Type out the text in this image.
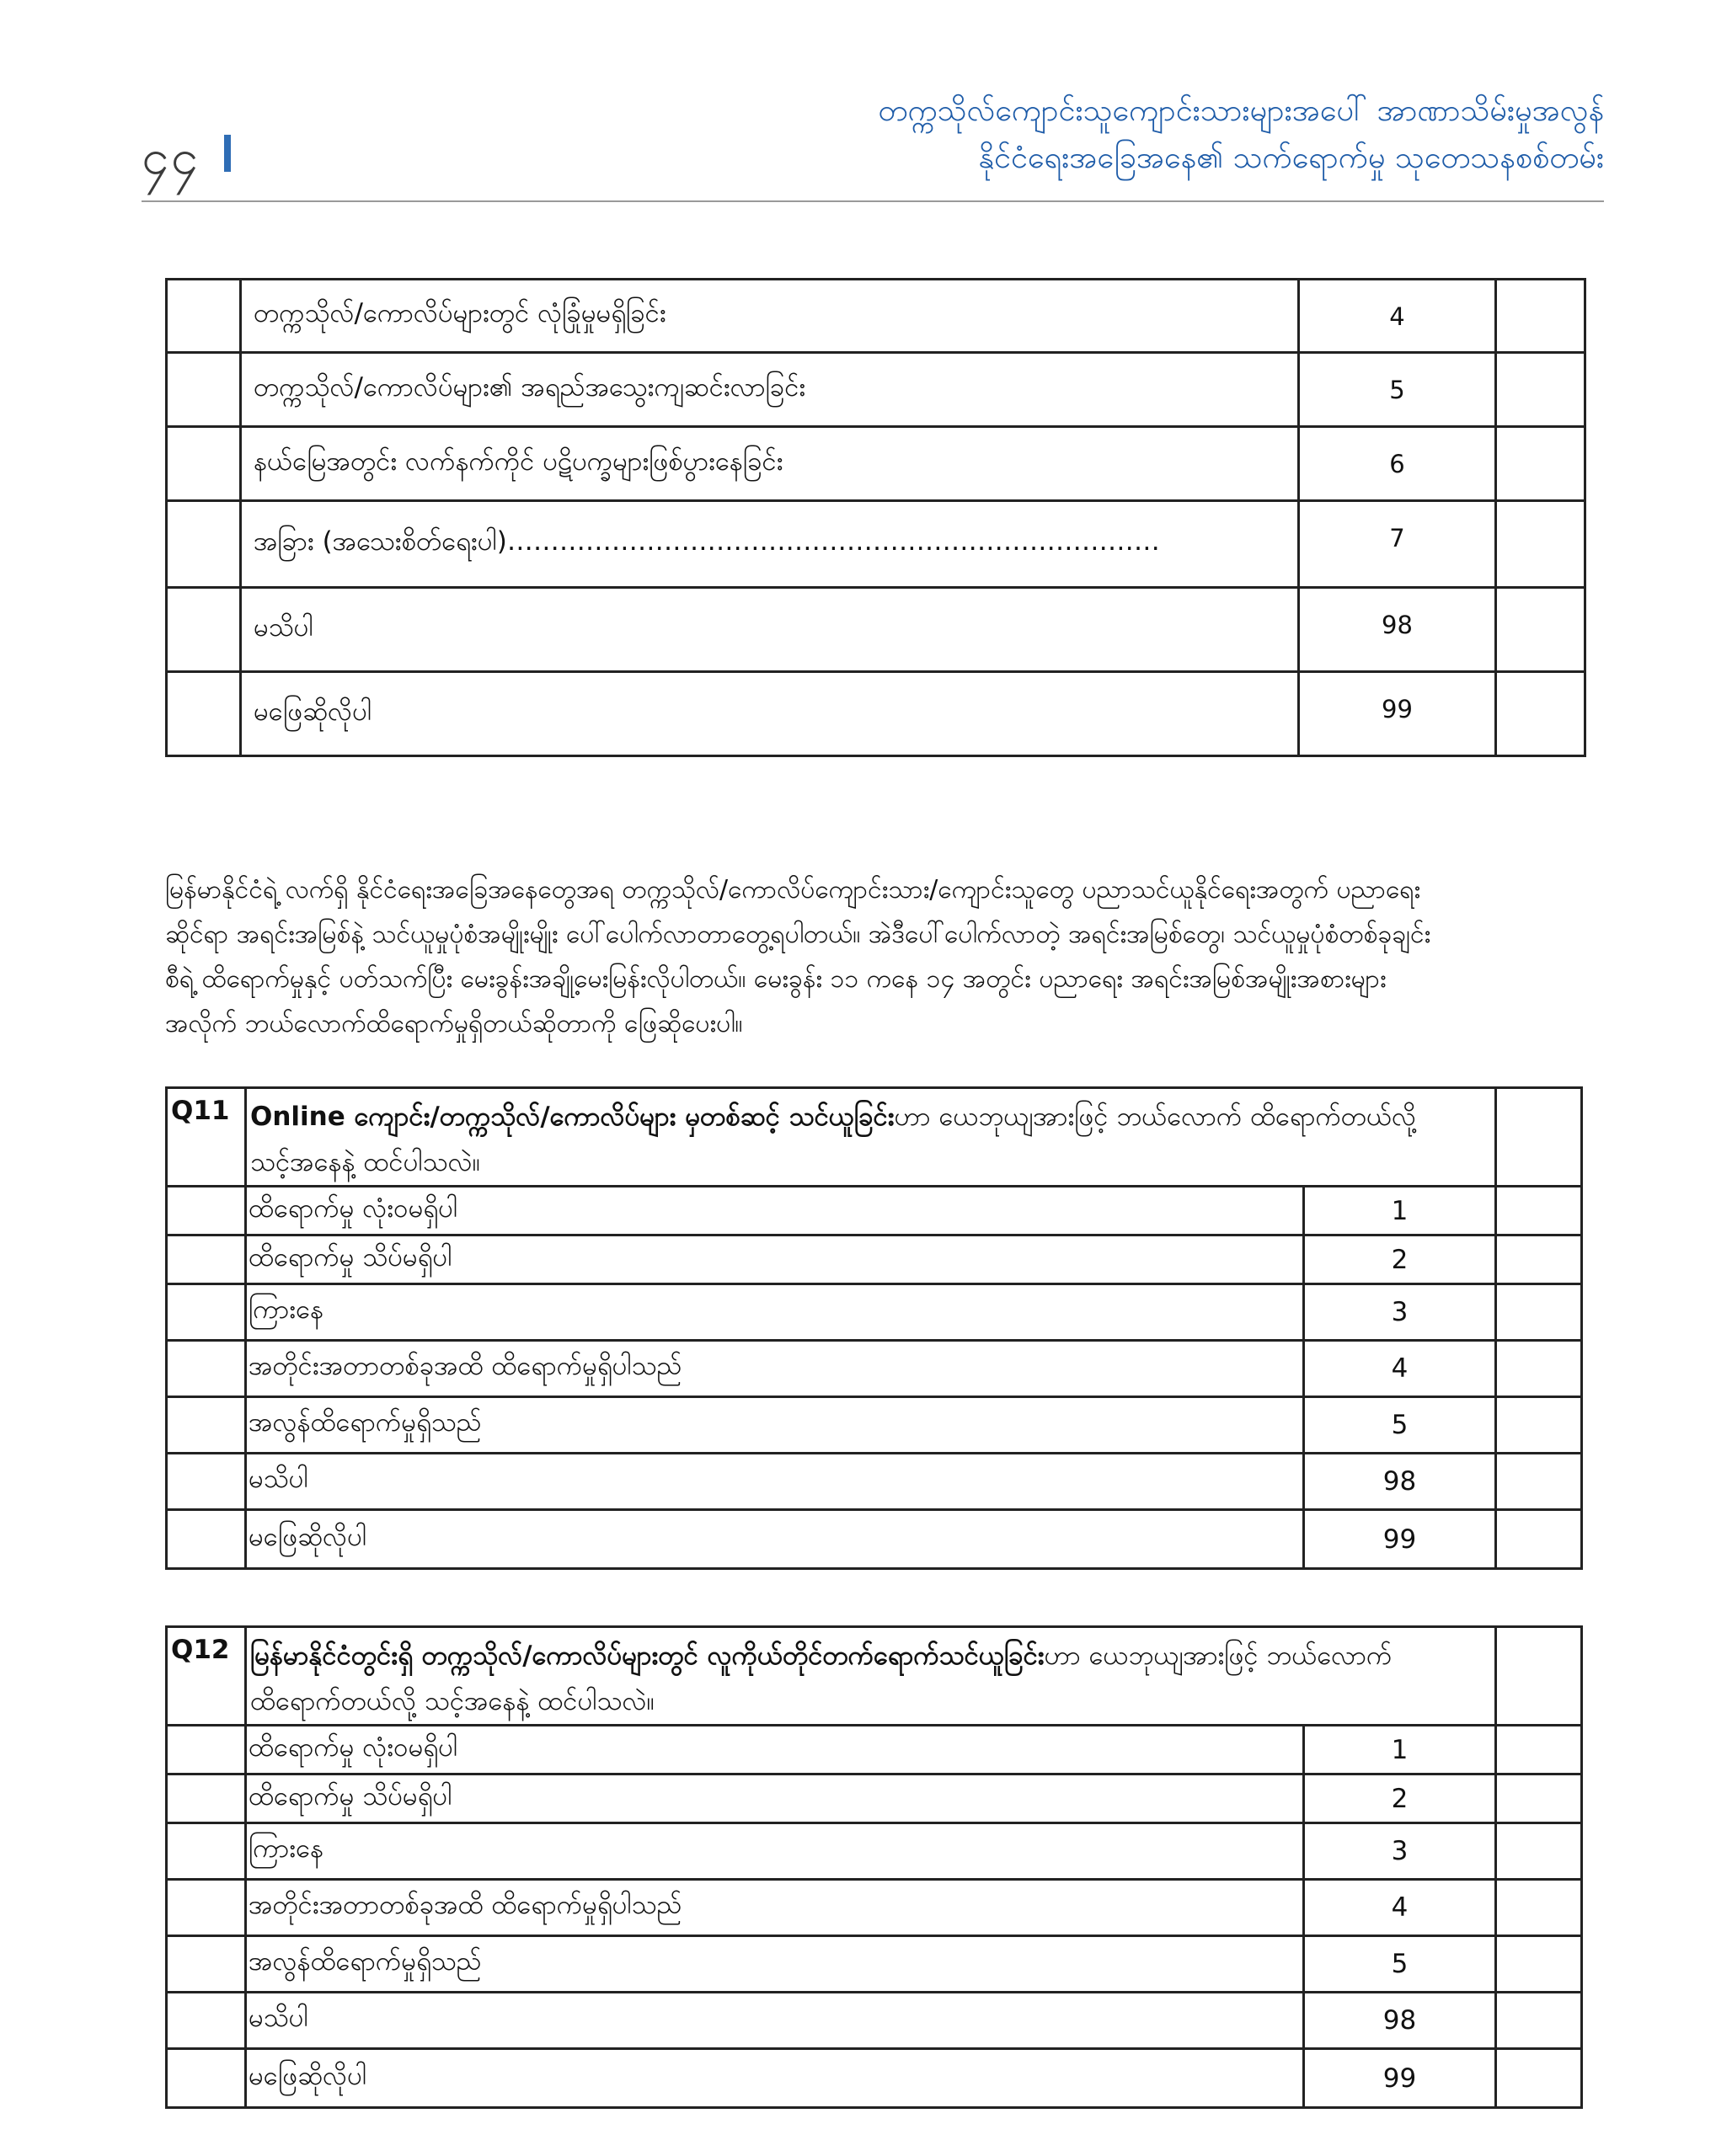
၄၄
တက္ကသိုလ်ကျောင်းသူကျောင်းသားများအပေါ် အာဏာသိမ်းမှုအလွန်
နိုင်ငံရေးအခြေအနေ၏ သက်ရောက်မှု သုတေသနစစ်တမ်း
	တက္ကသိုလ်/ကောလိပ်များတွင် လုံခြုံမှုမရှိခြင်း	4	
	တက္ကသိုလ်/ကောလိပ်များ၏ အရည်အသွေးကျဆင်းလာခြင်း	5	
	နယ်မြေအတွင်း လက်နက်ကိုင် ပဋိပက္ခများဖြစ်ပွားနေခြင်း	6	
	အခြား (အသေးစိတ်ရေးပါ)…………………………………………………………………	7	
	မသိပါ	98	
	မဖြေဆိုလိုပါ	99	
မြန်မာနိုင်ငံရဲ့ လက်ရှိ နိုင်ငံရေးအခြေအနေတွေအရ တက္ကသိုလ်/ကောလိပ်ကျောင်းသား/ကျောင်းသူတွေ ပညာသင်ယူနိုင်ရေးအတွက် ပညာရေး
ဆိုင်ရာ အရင်းအမြစ်နဲ့ သင်ယူမှုပုံစံအမျိုးမျိုး ပေါ်ပေါက်လာတာတွေ့ရပါတယ်။ အဲဒီပေါ်ပေါက်လာတဲ့ အရင်းအမြစ်တွေ၊ သင်ယူမှုပုံစံတစ်ခုချင်း
စီရဲ့ ထိရောက်မှုနှင့် ပတ်သက်ပြီး မေးခွန်းအချို့မေးမြန်းလိုပါတယ်။ မေးခွန်း ၁၁ ကနေ ၁၄ အတွင်း ပညာရေး အရင်းအမြစ်အမျိုးအစားများ
အလိုက် ဘယ်လောက်ထိရောက်မှုရှိတယ်ဆိုတာကို ဖြေဆိုပေးပါ။
Q11	Online ကျောင်း/တက္ကသိုလ်/ကောလိပ်များ မှတစ်ဆင့် သင်ယူခြင်းဟာ ယေဘုယျအားဖြင့် ဘယ်လောက် ထိရောက်တယ်လို့
သင့်အနေနဲ့ ထင်ပါသလဲ။		
	ထိရောက်မှု လုံးဝမရှိပါ	1	
	ထိရောက်မှု သိပ်မရှိပါ	2	
	ကြားနေ	3	
	အတိုင်းအတာတစ်ခုအထိ ထိရောက်မှုရှိပါသည်	4	
	အလွန်ထိရောက်မှုရှိသည်	5	
	မသိပါ	98	
	မဖြေဆိုလိုပါ	99	
Q12	မြန်မာနိုင်ငံတွင်းရှိ တက္ကသိုလ်/ကောလိပ်များတွင် လူကိုယ်တိုင်တက်ရောက်သင်ယူခြင်းဟာ ယေဘုယျအားဖြင့် ဘယ်လောက်
ထိရောက်တယ်လို့ သင့်အနေနဲ့ ထင်ပါသလဲ။		
	ထိရောက်မှု လုံးဝမရှိပါ	1	
	ထိရောက်မှု သိပ်မရှိပါ	2	
	ကြားနေ	3	
	အတိုင်းအတာတစ်ခုအထိ ထိရောက်မှုရှိပါသည်	4	
	အလွန်ထိရောက်မှုရှိသည်	5	
	မသိပါ	98	
	မဖြေဆိုလိုပါ	99	
